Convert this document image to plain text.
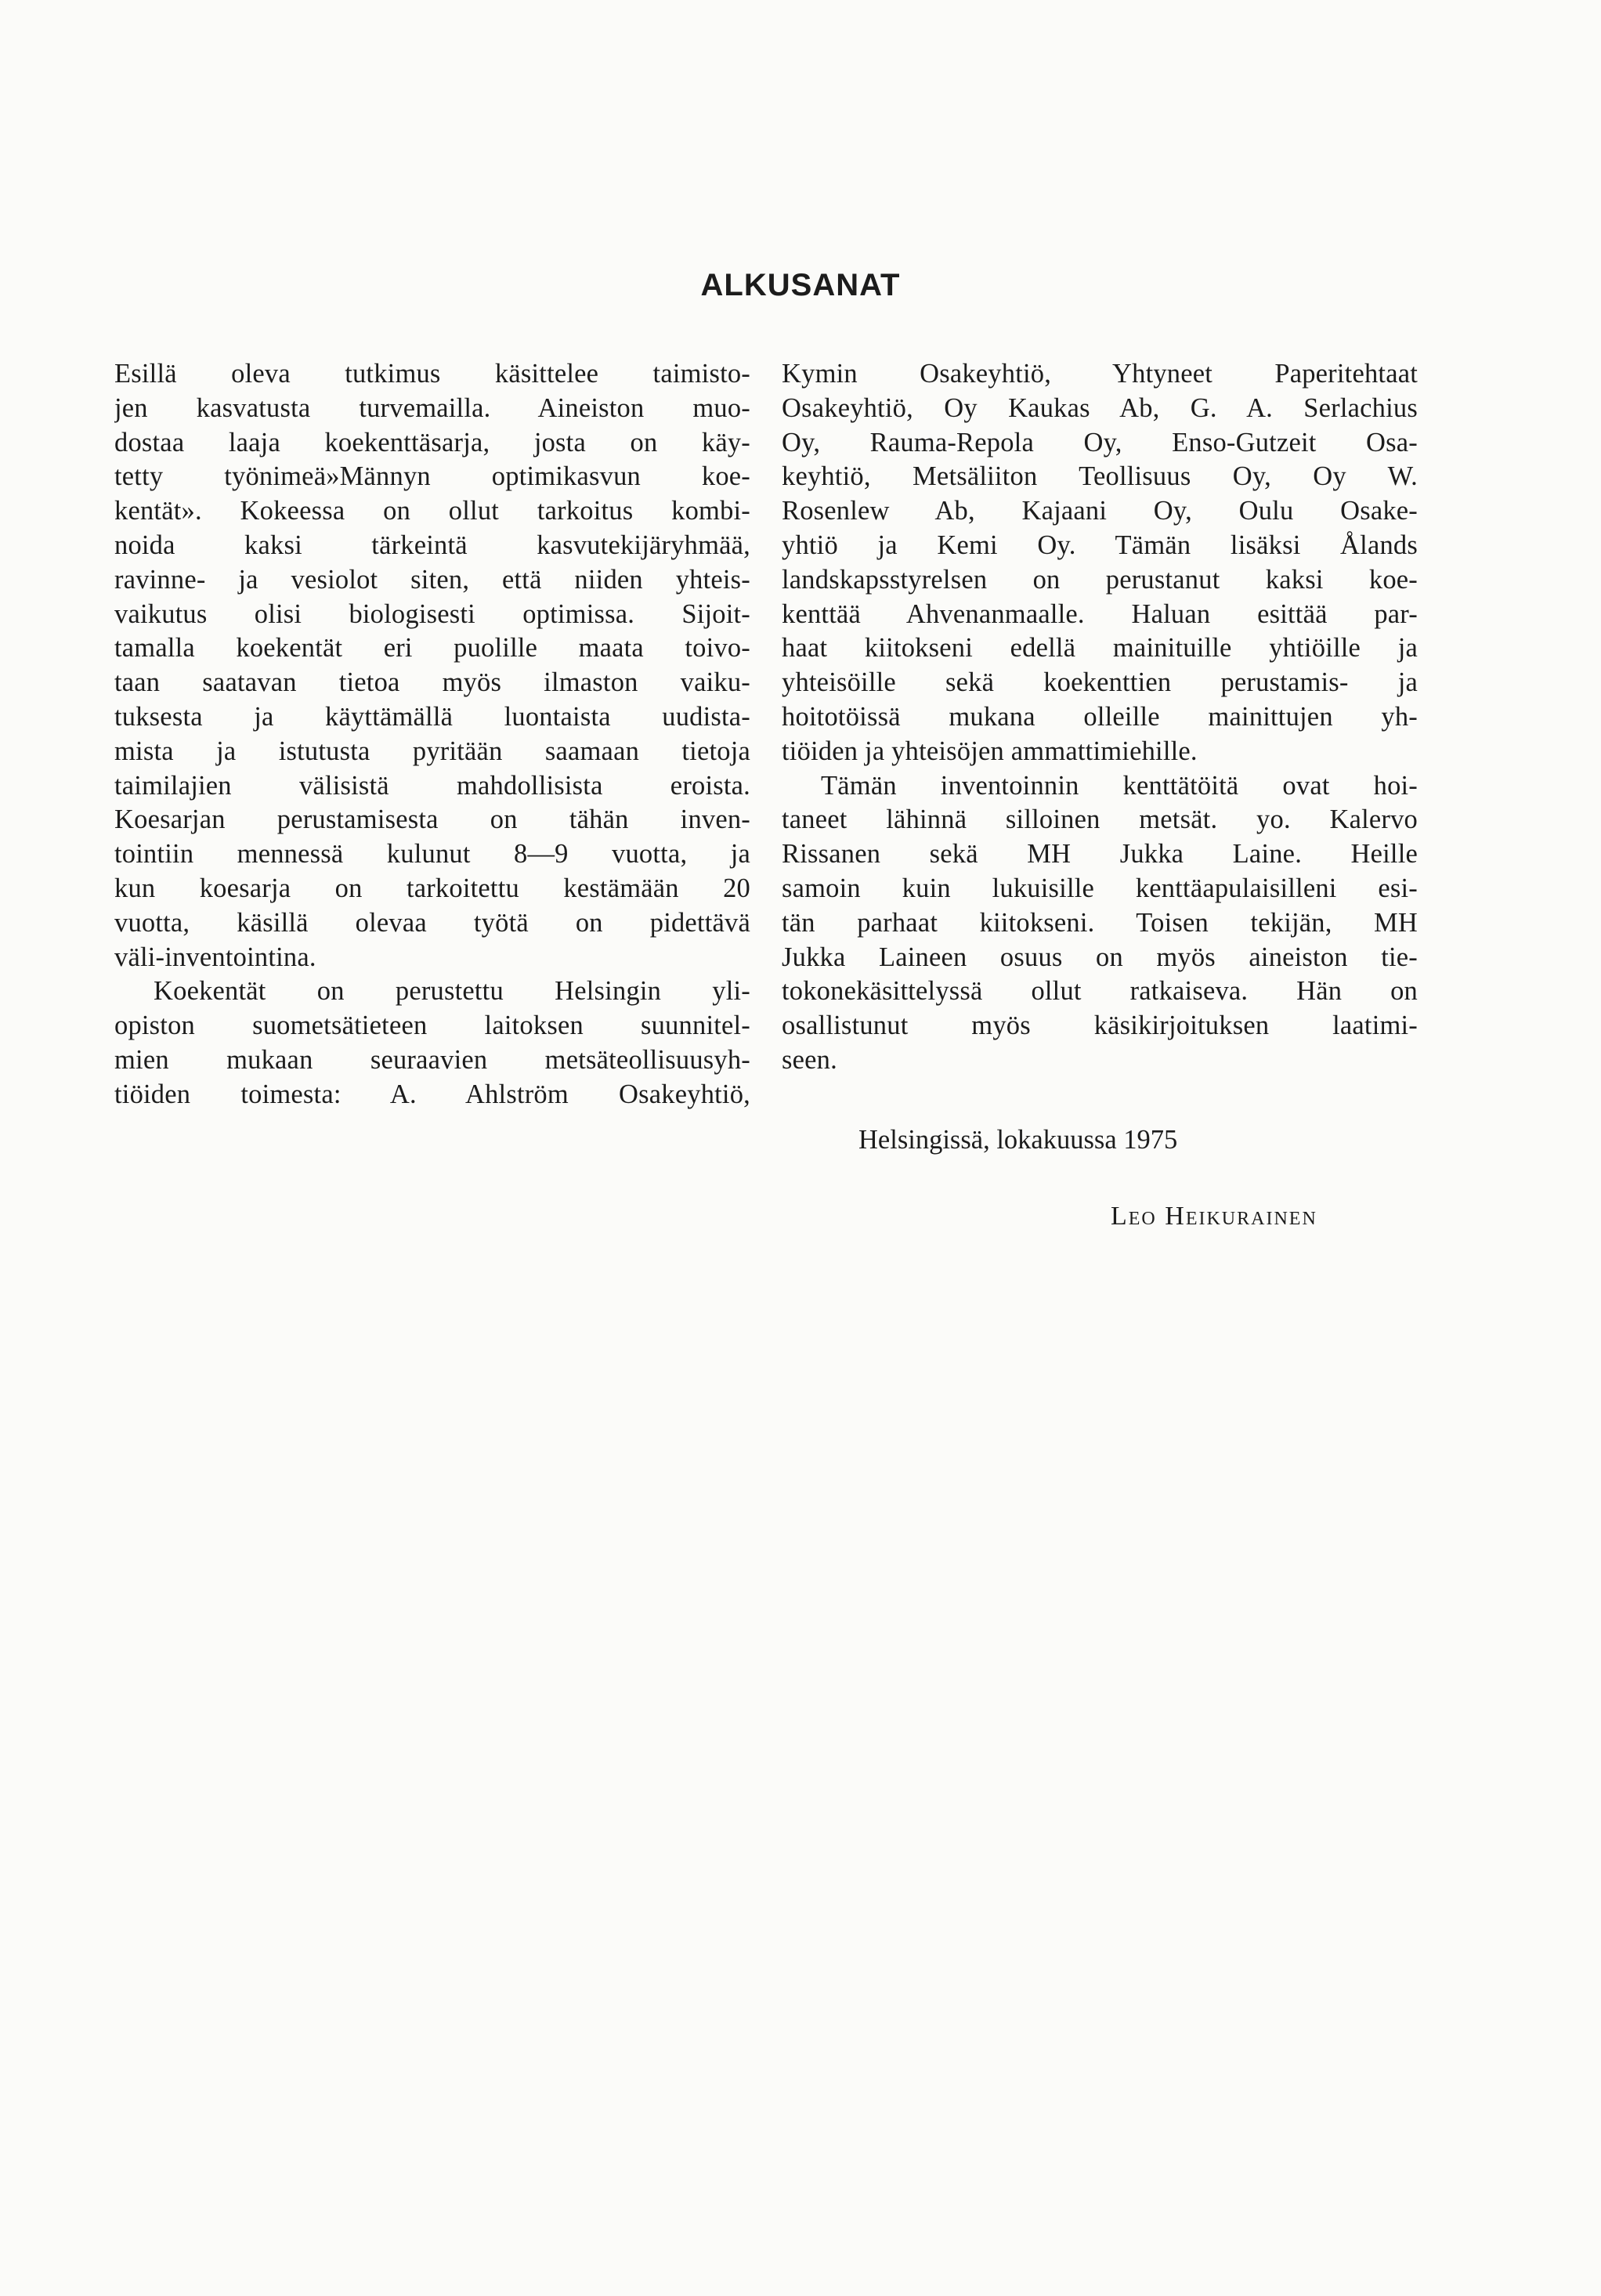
ALKUSANAT
Esillä oleva tutkimus käsittelee taimisto-
jen kasvatusta turvemailla. Aineiston muo-
dostaa laaja koekenttäsarja, josta on käy-
tetty työnimeä»Männyn optimikasvun koe-
kentät». Kokeessa on ollut tarkoitus kombi-
noida kaksi tärkeintä kasvutekijäryhmää,
ravinne- ja vesiolot siten, että niiden yhteis-
vaikutus olisi biologisesti optimissa. Sijoit-
tamalla koekentät eri puolille maata toivo-
taan saatavan tietoa myös ilmaston vaiku-
tuksesta ja käyttämällä luontaista uudista-
mista ja istutusta pyritään saamaan tietoja
taimilajien välisistä mahdollisista eroista.
Koesarjan perustamisesta on tähän inven-
tointiin mennessä kulunut 8—9 vuotta, ja
kun koesarja on tarkoitettu kestämään 20
vuotta, käsillä olevaa työtä on pidettävä
väli-inventointina.
Koekentät on perustettu Helsingin yli-
opiston suometsätieteen laitoksen suunnitel-
mien mukaan seuraavien metsäteollisuusyh-
tiöiden toimesta: A. Ahlström Osakeyhtiö,
Kymin Osakeyhtiö, Yhtyneet Paperitehtaat
Osakeyhtiö, Oy Kaukas Ab, G. A. Serlachius
Oy, Rauma-Repola Oy, Enso-Gutzeit Osa-
keyhtiö, Metsäliiton Teollisuus Oy, Oy W.
Rosenlew Ab, Kajaani Oy, Oulu Osake-
yhtiö ja Kemi Oy. Tämän lisäksi Ålands
landskapsstyrelsen on perustanut kaksi koe-
kenttää Ahvenanmaalle. Haluan esittää par-
haat kiitokseni edellä mainituille yhtiöille ja
yhteisöille sekä koekenttien perustamis- ja
hoitotöissä mukana olleille mainittujen yh-
tiöiden ja yhteisöjen ammattimiehille.
Tämän inventoinnin kenttätöitä ovat hoi-
taneet lähinnä silloinen metsät. yo. Kalervo
Rissanen sekä MH Jukka Laine. Heille
samoin kuin lukuisille kenttäapulaisilleni esi-
tän parhaat kiitokseni. Toisen tekijän, MH
Jukka Laineen osuus on myös aineiston tie-
tokonekäsittelyssä ollut ratkaiseva. Hän on
osallistunut myös käsikirjoituksen laatimi-
seen.
Helsingissä, lokakuussa 1975
Leo Heikurainen
